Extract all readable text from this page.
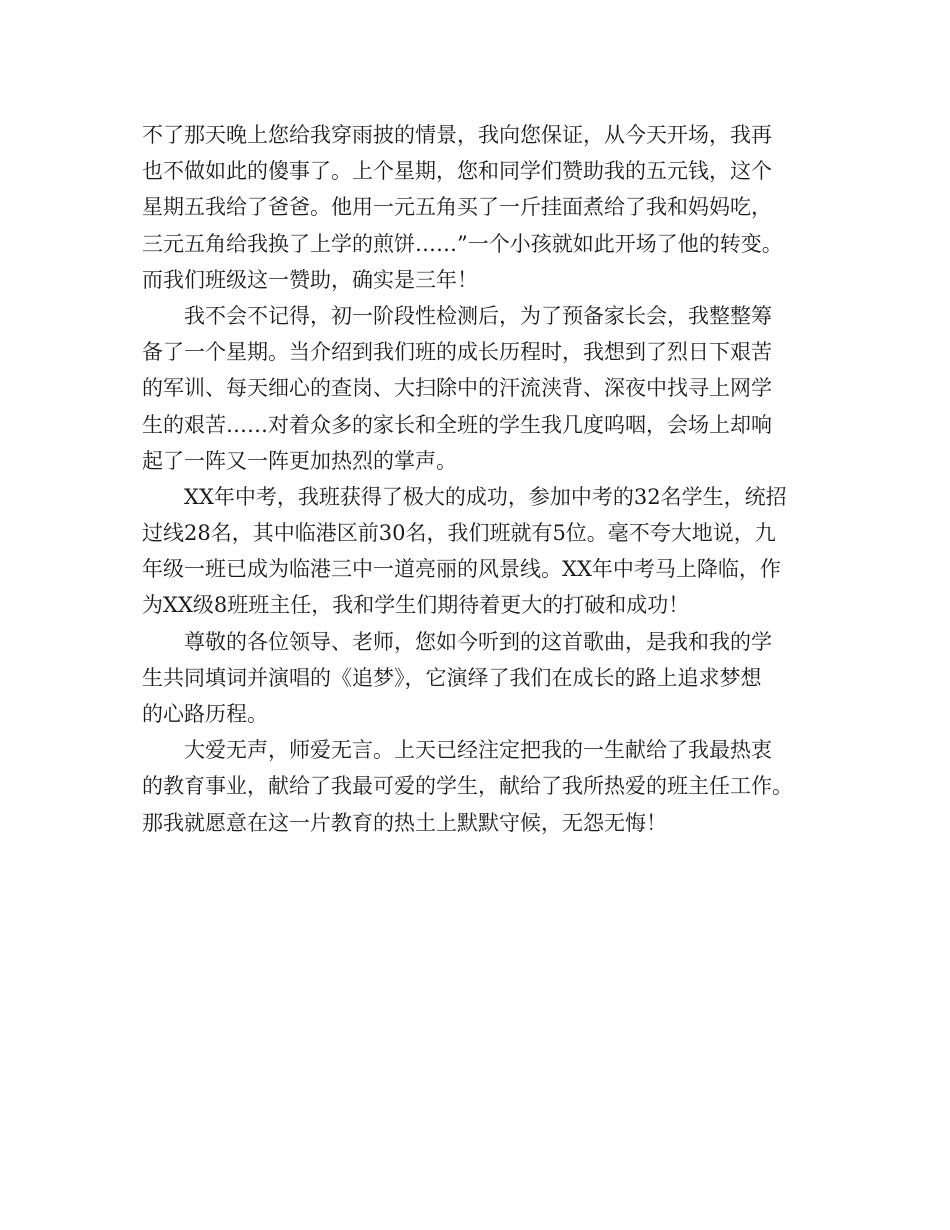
不了那天晚上您给我穿雨披的情景，我向您保证，从今天开场，我再
也不做如此的傻事了。上个星期，您和同学们赞助我的五元钱，这个
星期五我给了爸爸。他用一元五角买了一斤挂面煮给了我和妈妈吃，
三元五角给我换了上学的煎饼……”一个小孩就如此开场了他的转变。
而我们班级这一赞助，确实是三年！
我不会不记得，初一阶段性检测后，为了预备家长会，我整整筹
备了一个星期。当介绍到我们班的成长历程时，我想到了烈日下艰苦
的军训、每天细心的查岗、大扫除中的汗流浃背、深夜中找寻上网学
生的艰苦……对着众多的家长和全班的学生我几度呜咽，会场上却响
起了一阵又一阵更加热烈的掌声。
XX年中考，我班获得了极大的成功，参加中考的32名学生，统招
过线28名，其中临港区前30名，我们班就有5位。毫不夸大地说，九
年级一班已成为临港三中一道亮丽的风景线。XX年中考马上降临，作
为XX级8班班主任，我和学生们期待着更大的打破和成功！
尊敬的各位领导、老师，您如今听到的这首歌曲，是我和我的学
生共同填词并演唱的《追梦》，它演绎了我们在成长的路上追求梦想
的心路历程。
大爱无声，师爱无言。上天已经注定把我的一生献给了我最热衷
的教育事业，献给了我最可爱的学生，献给了我所热爱的班主任工作。
那我就愿意在这一片教育的热土上默默守候，无怨无悔！
